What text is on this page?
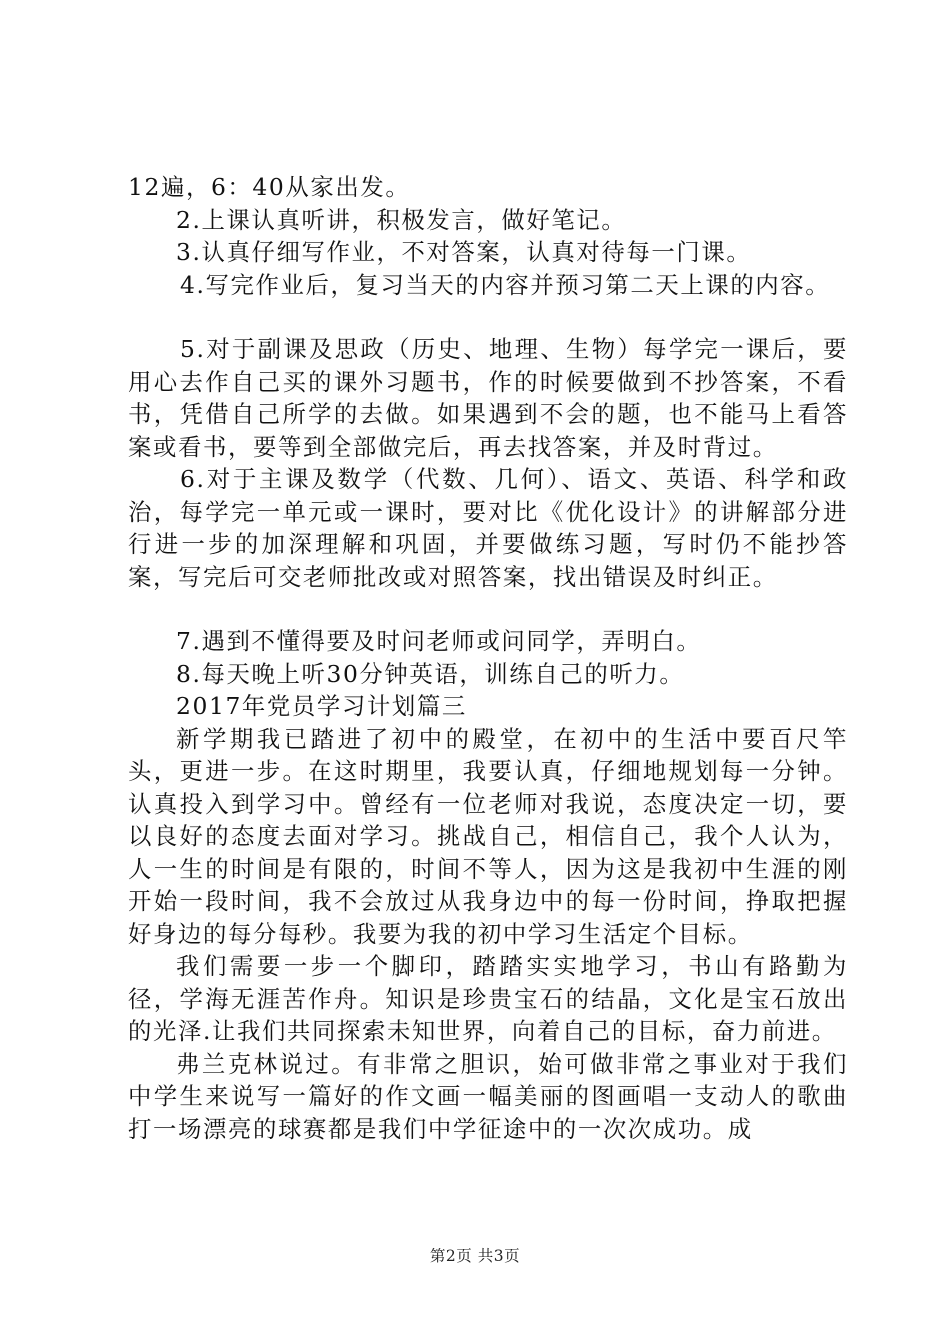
12遍，6：40从家出发。

2.上课认真听讲，积极发言，做好笔记。

3.认真仔细写作业，不对答案，认真对待每一门课。

4.写完作业后，复习当天的内容并预习第二天上课的内容。

5.对于副课及思政（历史、地理、生物）每学完一课后，要用心去作自己买的课外习题书，作的时候要做到不抄答案，不看书，凭借自己所学的去做。如果遇到不会的题，也不能马上看答案或看书，要等到全部做完后，再去找答案，并及时背过。

6.对于主课及数学（代数、几何）、语文、英语、科学和政治，每学完一单元或一课时，要对比《优化设计》的讲解部分进行进一步的加深理解和巩固，并要做练习题，写时仍不能抄答案，写完后可交老师批改或对照答案，找出错误及时纠正。

7.遇到不懂得要及时问老师或问同学，弄明白。

8.每天晚上听30分钟英语，训练自己的听力。

2017年党员学习计划篇三

新学期我已踏进了初中的殿堂，在初中的生活中要百尺竿头，更进一步。在这时期里，我要认真，仔细地规划每一分钟。认真投入到学习中。曾经有一位老师对我说，态度决定一切，要以良好的态度去面对学习。挑战自己，相信自己，我个人认为，人一生的时间是有限的，时间不等人，因为这是我初中生涯的刚开始一段时间，我不会放过从我身边中的每一份时间，挣取把握好身边的每分每秒。我要为我的初中学习生活定个目标。

我们需要一步一个脚印，踏踏实实地学习，书山有路勤为径，学海无涯苦作舟。知识是珍贵宝石的结晶，文化是宝石放出的光泽.让我们共同探索未知世界，向着自己的目标，奋力前进。

弗兰克林说过。有非常之胆识，始可做非常之事业对于我们中学生来说写一篇好的作文画一幅美丽的图画唱一支动人的歌曲打一场漂亮的球赛都是我们中学征途中的一次次成功。成

第2页 共3页
